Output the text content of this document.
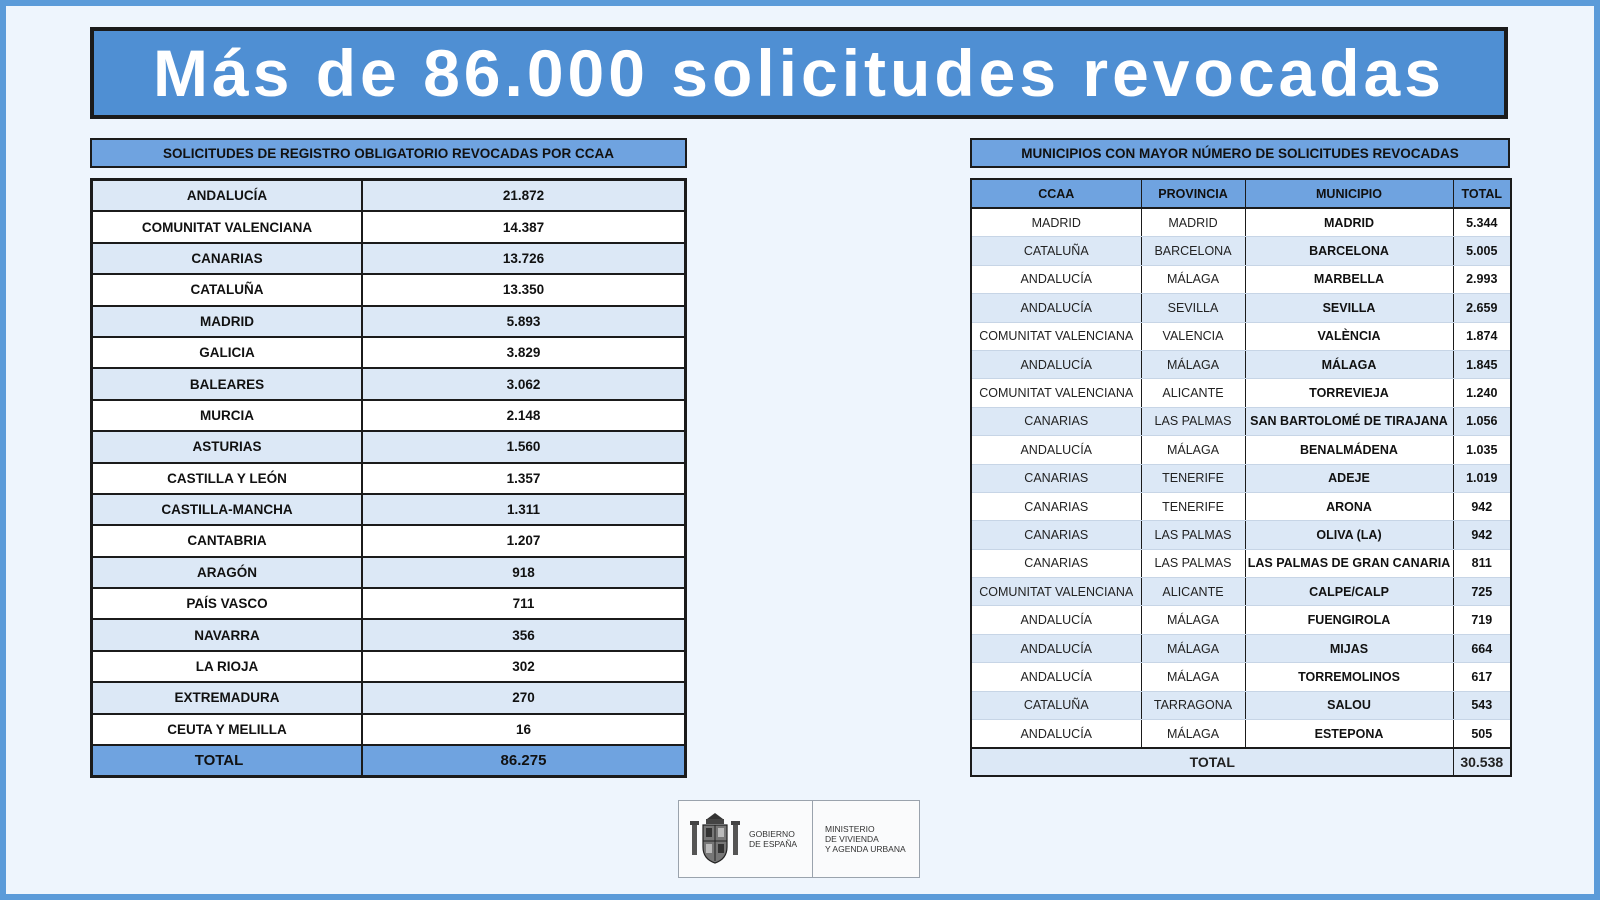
Más de 86.000 solicitudes revocadas
SOLICITUDES DE REGISTRO OBLIGATORIO REVOCADAS POR CCAA
ANDALUCÍA	21.872
COMUNITAT VALENCIANA	14.387
CANARIAS	13.726
CATALUÑA	13.350
MADRID	5.893
GALICIA	3.829
BALEARES	3.062
MURCIA	2.148
ASTURIAS	1.560
CASTILLA Y LEÓN	1.357
CASTILLA-MANCHA	1.311
CANTABRIA	1.207
ARAGÓN	918
PAÍS VASCO	711
NAVARRA	356
LA RIOJA	302
EXTREMADURA	270
CEUTA Y MELILLA	16
TOTAL	86.275
MUNICIPIOS CON MAYOR NÚMERO DE SOLICITUDES REVOCADAS
CCAA	PROVINCIA	MUNICIPIO	TOTAL
MADRID	MADRID	MADRID	5.344
CATALUÑA	BARCELONA	BARCELONA	5.005
ANDALUCÍA	MÁLAGA	MARBELLA	2.993
ANDALUCÍA	SEVILLA	SEVILLA	2.659
COMUNITAT VALENCIANA	VALENCIA	VALÈNCIA	1.874
ANDALUCÍA	MÁLAGA	MÁLAGA	1.845
COMUNITAT VALENCIANA	ALICANTE	TORREVIEJA	1.240
CANARIAS	LAS PALMAS	SAN BARTOLOMÉ DE TIRAJANA	1.056
ANDALUCÍA	MÁLAGA	BENALMÁDENA	1.035
CANARIAS	TENERIFE	ADEJE	1.019
CANARIAS	TENERIFE	ARONA	942
CANARIAS	LAS PALMAS	OLIVA (LA)	942
CANARIAS	LAS PALMAS	LAS PALMAS DE GRAN CANARIA	811
COMUNITAT VALENCIANA	ALICANTE	CALPE/CALP	725
ANDALUCÍA	MÁLAGA	FUENGIROLA	719
ANDALUCÍA	MÁLAGA	MIJAS	664
ANDALUCÍA	MÁLAGA	TORREMOLINOS	617
CATALUÑA	TARRAGONA	SALOU	543
ANDALUCÍA	MÁLAGA	ESTEPONA	505
TOTAL			30.538
GOBIERNO
DE ESPAÑA
MINISTERIO
DE VIVIENDA
Y AGENDA URBANA
